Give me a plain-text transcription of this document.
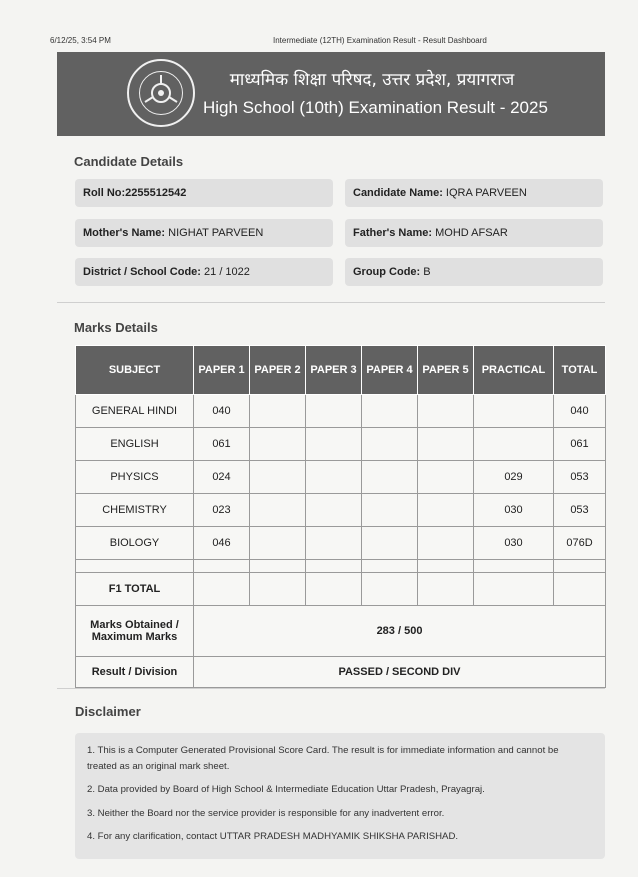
6/12/25, 3:54 PM	Intermediate (12TH) Examination Result - Result Dashboard
माध्यमिक शिक्षा परिषद, उत्तर प्रदेश, प्रयागराज
High School (10th) Examination Result - 2025
Candidate Details
Roll No:2255512542	Candidate Name: IQRA PARVEEN
Mother's Name: NIGHAT PARVEEN	Father's Name: MOHD AFSAR
District / School Code: 21 / 1022	Group Code: B
Marks Details
SUBJECT	PAPER 1	PAPER 2	PAPER 3	PAPER 4	PAPER 5	PRACTICAL	TOTAL
GENERAL HINDI	040						040
ENGLISH	061						061
PHYSICS	024					029	053
CHEMISTRY	023					030	053
BIOLOGY	046					030	076D

F1 TOTAL							
Marks Obtained / Maximum Marks	283 / 500						
Result / Division	PASSED / SECOND DIV						
Disclaimer
1. This is a Computer Generated Provisional Score Card. The result is for immediate information and cannot be treated as an original mark sheet.
2. Data provided by Board of High School & Intermediate Education Uttar Pradesh, Prayagraj.
3. Neither the Board nor the service provider is responsible for any inadvertent error.
4. For any clarification, contact UTTAR PRADESH MADHYAMIK SHIKSHA PARISHAD.
